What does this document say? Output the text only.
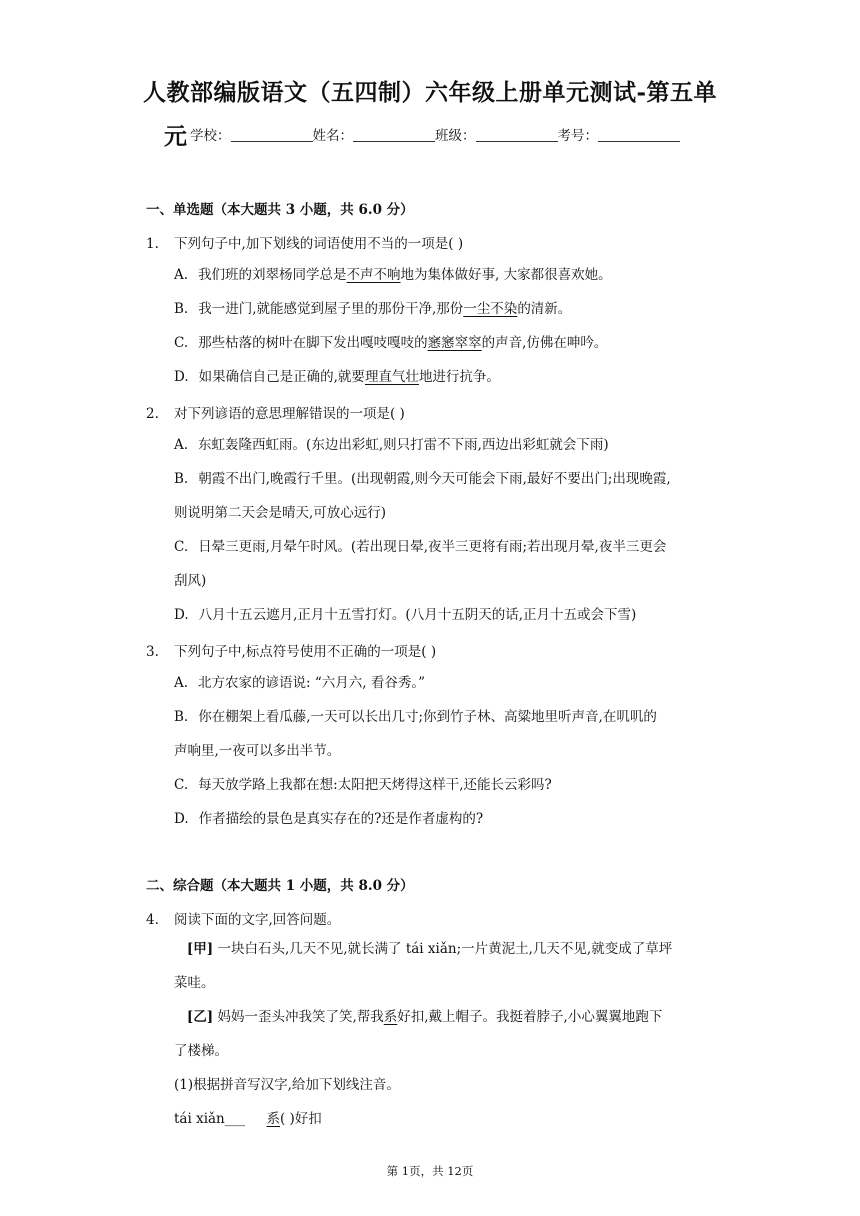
人教部编版语文（五四制）六年级上册单元测试-第五单
元 学校：	姓名：	班级：	考号：
一、单选题（本大题共 3 小题，共 6.0 分）
1. 下列句子中,加下划线的词语使用不当的一项是( )
A. 我们班的刘翠杨同学总是不声不响地为集体做好事, 大家都很喜欢她。
B. 我一进门,就能感觉到屋子里的那份干净,那份一尘不染的清新。
C. 那些枯落的树叶在脚下发出嘎吱嘎吱的窸窸窣窣的声音,仿佛在呻吟。
D. 如果确信自己是正确的,就要理直气壮地进行抗争。
2. 对下列谚语的意思理解错误的一项是( )
A. 东虹轰隆西虹雨。(东边出彩虹,则只打雷不下雨,西边出彩虹就会下雨)
B. 朝霞不出门,晚霞行千里。(出现朝霞,则今天可能会下雨,最好不要出门;出现晚霞,
则说明第二天会是晴天,可放心远行)
C. 日晕三更雨,月晕午时风。(若出现日晕,夜半三更将有雨;若出现月晕,夜半三更会
刮风)
D. 八月十五云遮月,正月十五雪打灯。(八月十五阴天的话,正月十五或会下雪)
3. 下列句子中,标点符号使用不正确的一项是( )
A. 北方农家的谚语说: “六月六, 看谷秀。”
B. 你在棚架上看瓜藤,一天可以长出几寸;你到竹子林、高粱地里听声音,在叽叽的
声响里,一夜可以多出半节。
C. 每天放学路上我都在想:太阳把天烤得这样干,还能长云彩吗?
D. 作者描绘的景色是真实存在的?还是作者虚构的?
二、综合题（本大题共 1 小题，共 8.0 分）
4. 阅读下面的文字,回答问题。
[甲] 一块白石头,几天不见,就长满了 tái xiǎn;一片黄泥土,几天不见,就变成了草坪
菜哇。
[乙] 妈妈一歪头冲我笑了笑,帮我系好扣,戴上帽子。我挺着脖子,小心翼翼地跑下
了楼梯。
(1)根据拼音写汉字,给加下划线注音。
tái xiǎn___ 系( )好扣
第 1页，共 12页
